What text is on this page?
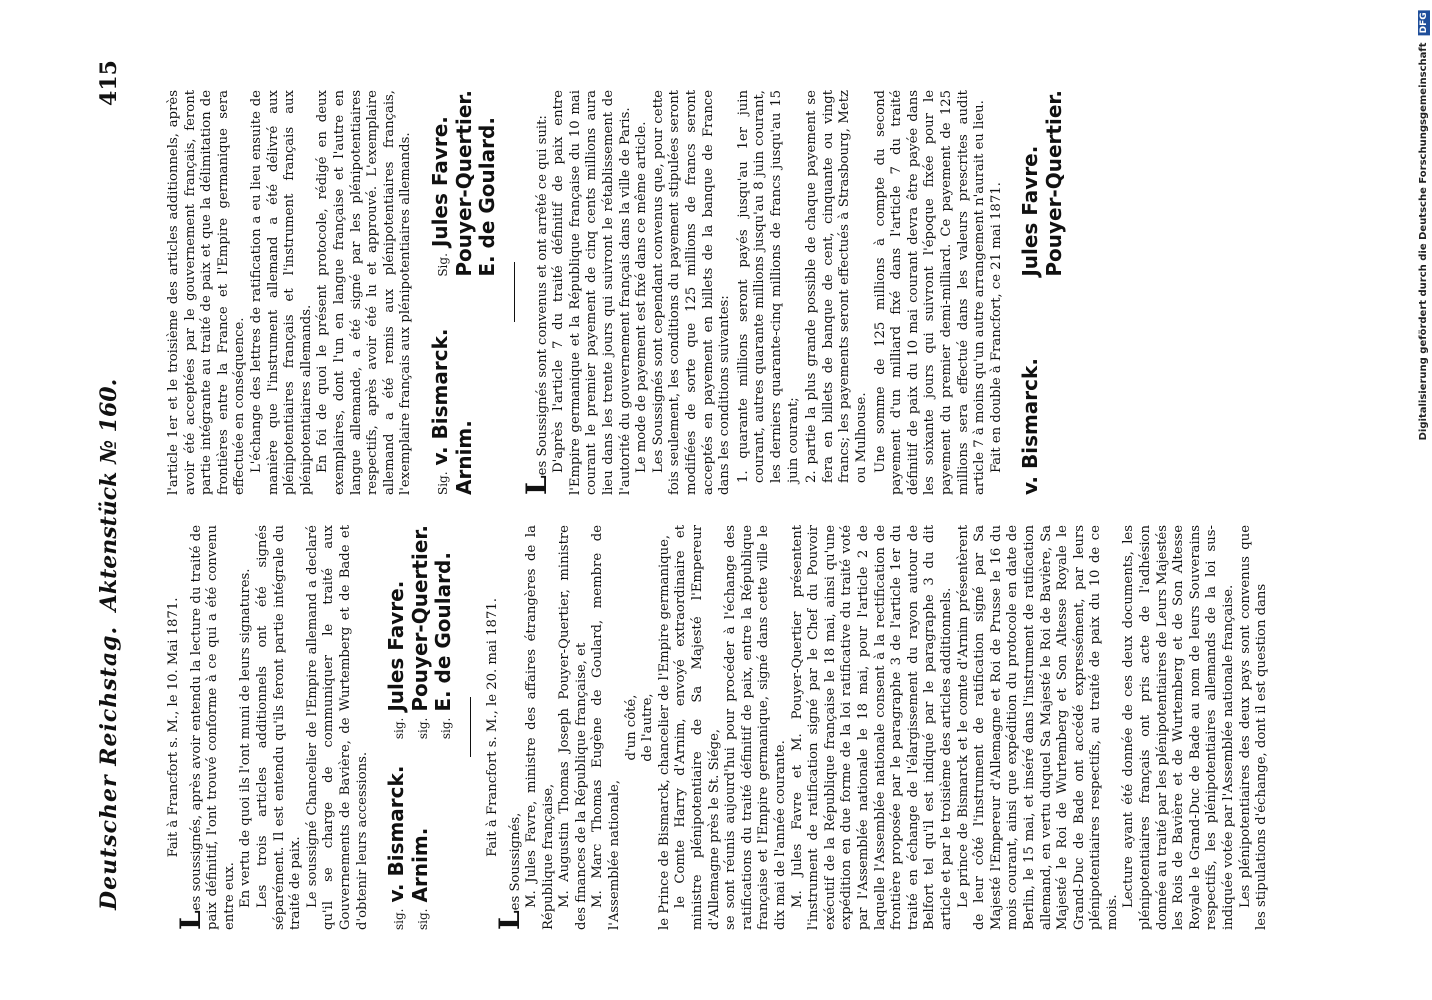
Deutscher Reichstag.
Aktenstück № 160.
415

Fait à Francfort s. M., le 10. Mai 1871.

Les soussignés, après avoir entendu la lecture du traité de paix définitif, l'ont trouvé conforme à ce qui a été convenu entre eux. En vertu de quoi ils l'ont muni de leurs signatures. Les trois articles additionnels ont été signés séparément. Il est entendu qu'ils feront partie intégrale du traité de paix. Le soussigné Chancelier de l'Empire allemand a declaré qu'il se charge de communiquer le traité aux Gouvernements de Bavière, de Wurtemberg et de Bade et d'obtenir leurs accessions.	sig.v. Bismarck.
sig.Arnim.
sig.Jules Favre.
sig.Pouyer-Quertier.
sig.E. de Goulard. Fait à Francfort s. M., le 20. mai 1871.

Les Soussignés, M. Jules Favre, ministre des affaires étrangères de la République française, M. Augustin Thomas Joseph Pouyer-Quertier, ministre des finances de la République française, et M. Marc Thomas Eugène de Goulard, membre de l'Assemblée nationale,

d'un côté, de l'autre, le Prince de Bismarck, chancelier de l'Empire germanique, le Comte Harry d'Arnim, envoyé extraordinaire et ministre plénipotentiaire de Sa Majesté l'Empereur d'Allemagne près le St. Siége, se sont réunis aujourd'hui pour procéder à l'échange des ratifications du traité définitif de paix, entre la République française et l'Empire germanique, signé dans cette ville le dix mai de l'année courante. M. Jules Favre et M. Pouyer-Quertier présentent l'instrument de ratification signé par le Chef du Pouvoir exécutif de la République française le 18 mai, ainsi qu'une expédition en due forme de la loi ratificative du traité voté par l'Assemblée nationale le 18 mai, pour l'article 2 de laquelle l'Assemblée nationale consent à la rectification de frontière proposée par le paragraphe 3 de l'article 1er du traité en échange de l'élargissement du rayon autour de Belfort tel qu'il est indiqué par le paragraphe 3 du dit article et par le troisième des articles additionnels. Le prince de Bismarck et le comte d'Arnim présentèrent de leur côté l'instrument de ratification signé par Sa Majesté l'Empereur d'Allemagne et Roi de Prusse le 16 du mois courant, ainsi que expédition du protocole en date de Berlin, le 15 mai, et inséré dans l'instrument de ratification allemand, en vertu duquel Sa Majesté le Roi de Bavière, Sa Majesté le Roi de Wurtemberg et Son Altesse Royale le Grand-Duc de Bade ont accédé expressément, par leurs plénipotentiaires respectifs, au traité de paix du 10 de ce mois.

Lecture ayant été donnée de ces deux documents, les plénipotentiaires français ont pris acte de l'adhésion donnée au traité par les plénipotentiaires de Leurs Majestés les Rois de Bavière et de Wurtemberg et de Son Altesse Royale le Grand-Duc de Bade au nom de leurs Souverains respectifs, les plénipotentiaires allemands de la loi sus-indiquée votée par l'Assemblée nationale française. Les plénipotentiaires des deux pays sont convenus que les stipulations d'échange, dont il est question dans

l'article 1er et le troisième des articles additionnels, après avoir été acceptées par le gouvernement français, feront partie intégrante au traité de paix et que la délimitation de frontières entre la France et l'Empire germanique sera effectuée en conséquence. L'échange des lettres de ratification a eu lieu ensuite de manière que l'instrument allemand a été délivré aux plénipotentiaires français et l'instrument français aux plénipotentiaires allemands. En foi de quoi le présent protocole, rédigé en deux exemplaires, dont l'un en langue française et l'autre en langue allemande, a été signé par les plénipotentiaires respectifs, après avoir été lu et approuvé. L'exemplaire allemand a été remis aux plénipotentiaires français, l'exemplaire français aux plénipotentiaires allemands.	Sig.v. Bismarck. Arnim.
Sig.Jules Favre. Pouyer-Quertier. E. de Goulard.

Les Soussignés sont convenus et ont arrêté ce qui suit: D'après l'article 7 du traité définitif de paix entre l'Empire germanique et la République française du 10 mai courant le premier payement de cinq cents millions aura lieu dans les trente jours qui suivront le rétablissement de l'autorité du gouvernement français dans la ville de Paris. Le mode de payement est fixé dans ce même article. Les Soussignés sont cependant convenus que, pour cette fois seulement, les conditions du payement stipulées seront modifiées de sorte que 125 millions de francs seront acceptés en payement en billets de la banque de France dans les conditions suivantes: 1. quarante millions seront payés jusqu'au 1er juin courant, autres quarante millions jusqu'au 8 juin courant, les derniers quarante-cinq millions de francs jusqu'au 15 juin courant; 2. partie la plus grande possible de chaque payement se fera en billets de banque de cent, cinquante ou vingt francs; les payements seront effectués à Strasbourg, Metz ou Mulhouse. Une somme de 125 millions à compte du second payement d'un milliard fixé dans l'article 7 du traité définitif de paix du 10 mai courant devra être payée dans les soixante jours qui suivront l'époque fixée pour le payement du premier demi-milliard. Ce payement de 125 millions sera effectué dans les valeurs prescrites audit article 7 à moins qu'un autre arrangement n'aurait eu lieu. Fait en double à Francfort, ce 21 mai 1871. v. Bismarck.
Jules Favre. Pouyer-Quertier.	Digitalisierung gefördert durch die Deutsche Forschungsgemeinschaft DFG
